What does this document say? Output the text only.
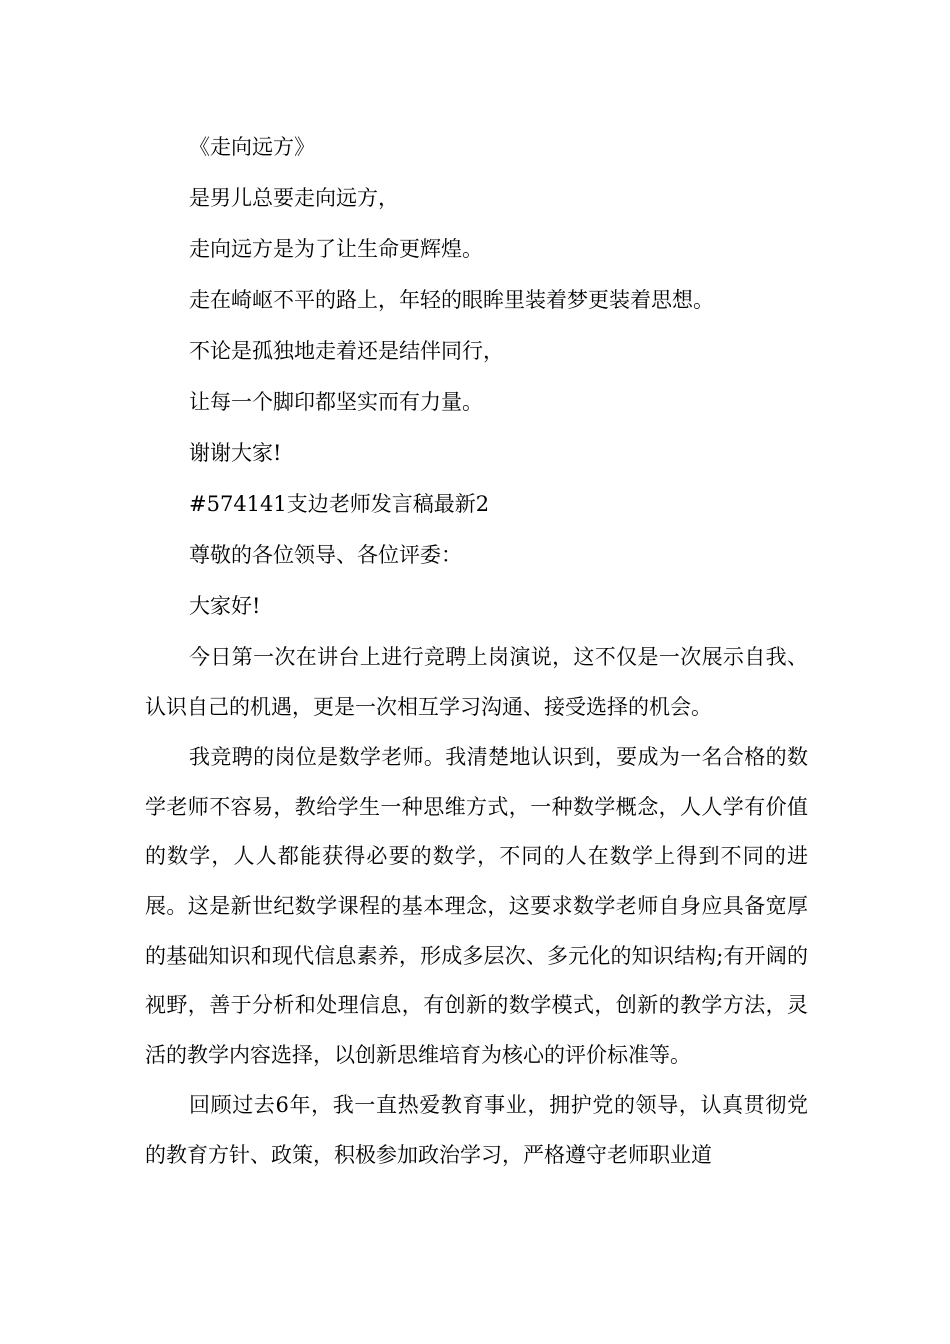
《走向远方》

是男儿总要走向远方，

走向远方是为了让生命更辉煌。

走在崎岖不平的路上，年轻的眼眸里装着梦更装着思想。

不论是孤独地走着还是结伴同行，

让每一个脚印都坚实而有力量。

谢谢大家!

#574141支边老师发言稿最新2

尊敬的各位领导、各位评委：

大家好!

今日第一次在讲台上进行竞聘上岗演说，这不仅是一次展示自我、认识自己的机遇，更是一次相互学习沟通、接受选择的机会。

我竞聘的岗位是数学老师。我清楚地认识到，要成为一名合格的数学老师不容易，教给学生一种思维方式，一种数学概念，人人学有价值的数学，人人都能获得必要的数学，不同的人在数学上得到不同的进展。这是新世纪数学课程的基本理念，这要求数学老师自身应具备宽厚的基础知识和现代信息素养，形成多层次、多元化的知识结构;有开阔的视野，善于分析和处理信息，有创新的数学模式，创新的教学方法，灵活的教学内容选择，以创新思维培育为核心的评价标准等。

回顾过去6年，我一直热爱教育事业，拥护党的领导，认真贯彻党的教育方针、政策，积极参加政治学习，严格遵守老师职业道
